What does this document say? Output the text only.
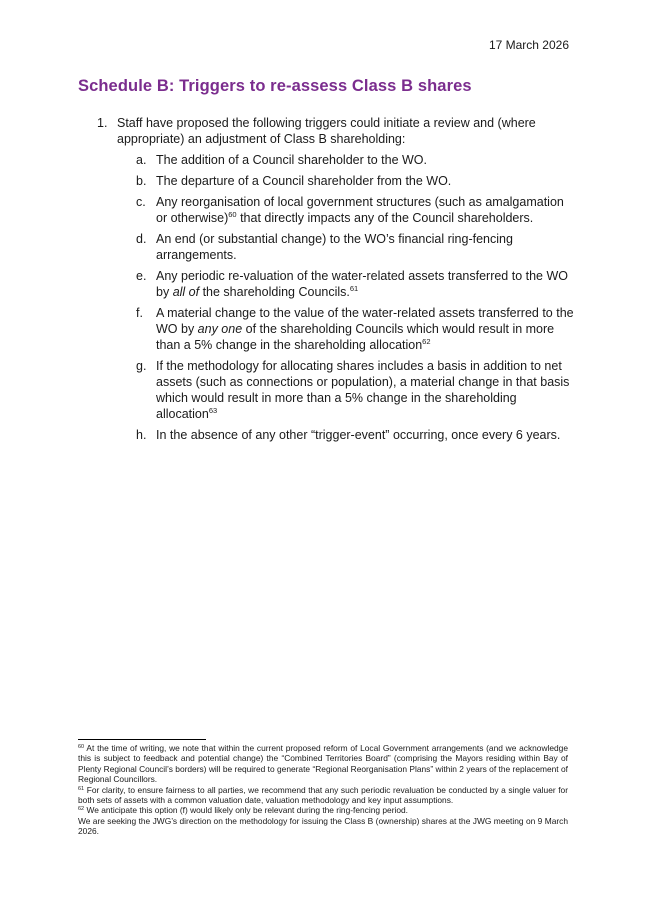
17 March 2026
Schedule B: Triggers to re-assess Class B shares
1. Staff have proposed the following triggers could initiate a review and (where appropriate) an adjustment of Class B shareholding:
a. The addition of a Council shareholder to the WO.
b. The departure of a Council shareholder from the WO.
c. Any reorganisation of local government structures (such as amalgamation or otherwise)$^{60}$ that directly impacts any of the Council shareholders.
d. An end (or substantial change) to the WO’s financial ring-fencing arrangements.
e. Any periodic re-valuation of the water-related assets transferred to the WO by all of the shareholding Councils.$^{61}$
f. A material change to the value of the water-related assets transferred to the WO by any one of the shareholding Councils which would result in more than a 5% change in the shareholding allocation$^{62}$
g. If the methodology for allocating shares includes a basis in addition to net assets (such as connections or population), a material change in that basis which would result in more than a 5% change in the shareholding allocation$^{63}$
h. In the absence of any other “trigger-event” occurring, once every 6 years.

$^{60}$ At the time of writing, we note that within the current proposed reform of Local Government arrangements (and we acknowledge this is subject to feedback and potential change) the “Combined Territories Board” (comprising the Mayors residing within Bay of Plenty Regional Council’s borders) will be required to generate “Regional Reorganisation Plans” within 2 years of the replacement of Regional Councillors.

$^{61}$ For clarity, to ensure fairness to all parties, we recommend that any such periodic revaluation be conducted by a single valuer for both sets of assets with a common valuation date, valuation methodology and key input assumptions.

$^{62}$ We anticipate this option (f) would likely only be relevant during the ring-fencing period.

We are seeking the JWG’s direction on the methodology for issuing the Class B (ownership) shares at the JWG meeting on 9 March 2026.
